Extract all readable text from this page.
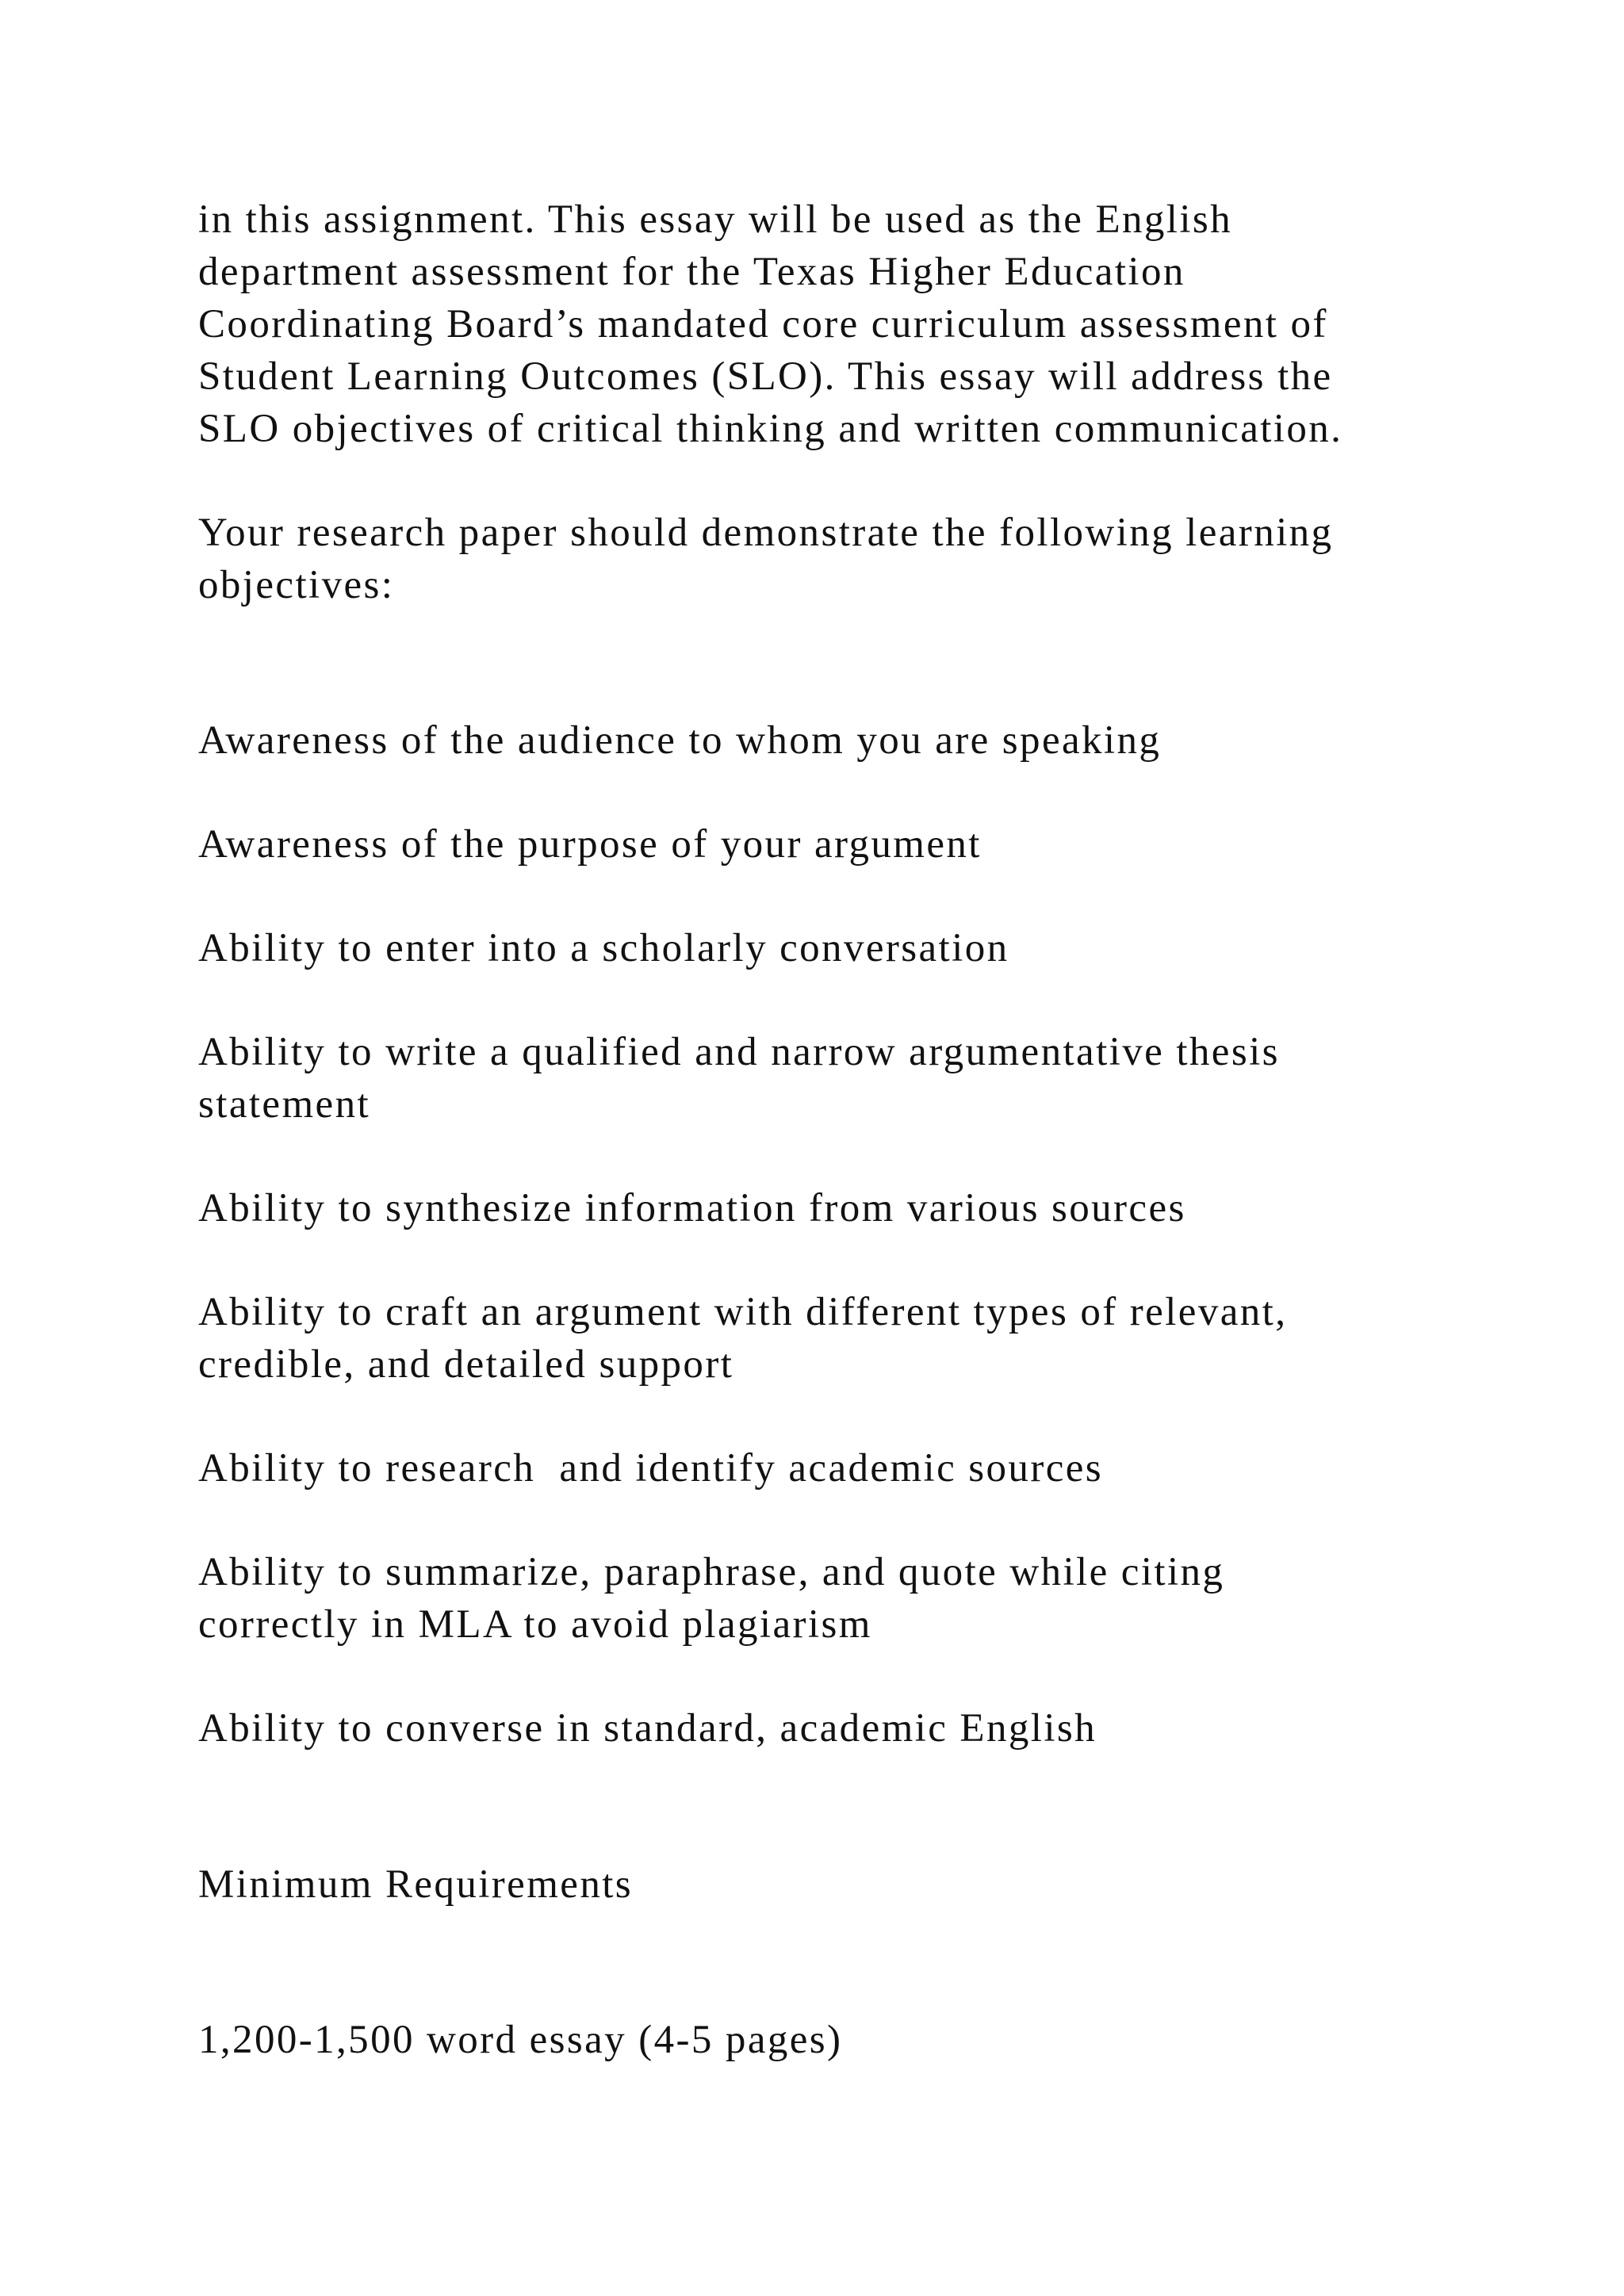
in this assignment. This essay will be used as the English

department assessment for the Texas Higher Education

Coordinating Board’s mandated core curriculum assessment of

Student Learning Outcomes (SLO). This essay will address the

SLO objectives of critical thinking and written communication.

Your research paper should demonstrate the following learning

objectives:

Awareness of the audience to whom you are speaking

Awareness of the purpose of your argument

Ability to enter into a scholarly conversation

Ability to write a qualified and narrow argumentative thesis

statement

Ability to synthesize information from various sources

Ability to craft an argument with different types of relevant,

credible, and detailed support

Ability to research  and identify academic sources

Ability to summarize, paraphrase, and quote while citing

correctly in MLA to avoid plagiarism

Ability to converse in standard, academic English

Minimum Requirements

1,200-1,500 word essay (4-5 pages)
